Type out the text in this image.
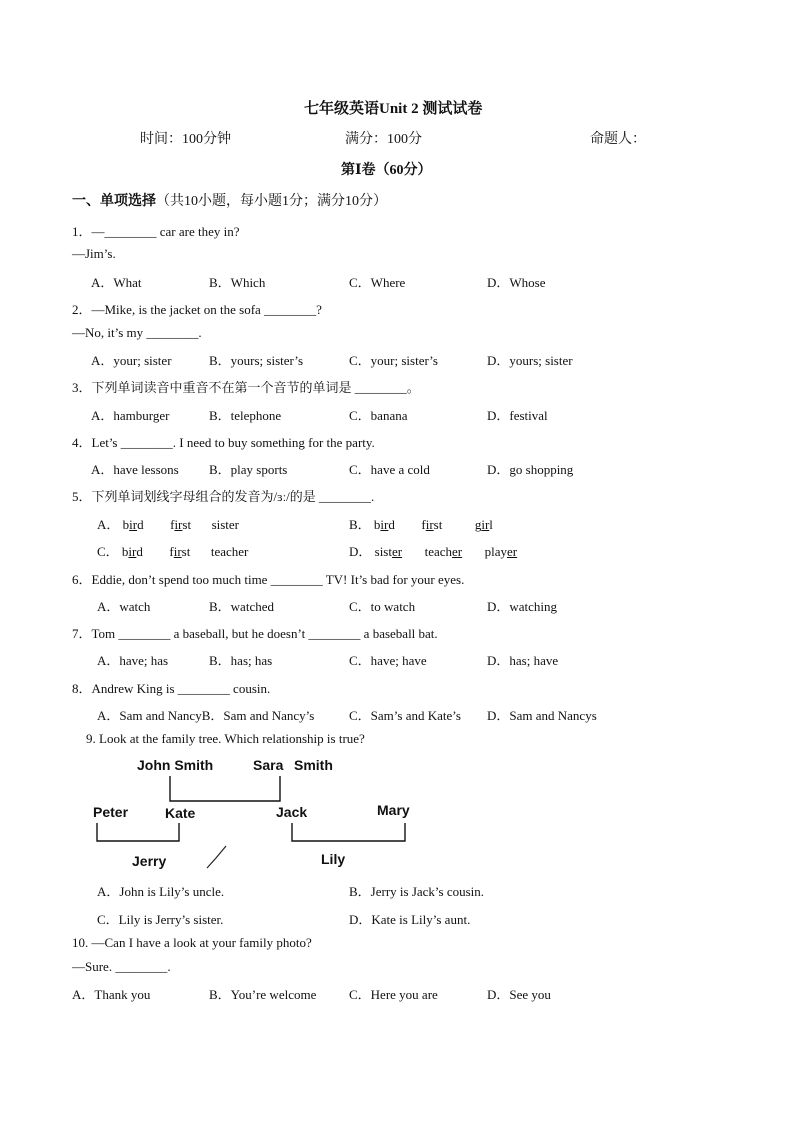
七年级英语Unit 2 测试试卷
时间：100分钟	满分：100分	命题人：
第Ⅰ卷（60分）
一、单项选择（共10小题，每小题1分；满分10分）
1．—________ car are they in?
—Jim’s.
A．What	B．Which	C．Where	D．Whose
2．—Mike, is the jacket on the sofa ________?
—No, it’s my ________.
A．your; sister	B．yours; sister’s	C．your; sister’s	D．yours; sister
3．下列单词读音中重音不在第一个音节的单词是 ________。
A．hamburger	B．telephone	C．banana	D．festival
4．Let’s ________. I need to buy something for the party.
A．have lessons B．play sports	C．have a cold	D．go shopping
5．下列单词划线字母组合的发音为/ɜː/的是 ________.
A． bird first sister	B． bird first	girl
C． bird first teacher	D． sister teacher player
6．Eddie, don’t spend too much time ________ TV! It’s bad for your eyes.
A．watch	B．watched	C．to watch	D．watching
7．Tom ________ a baseball, but he doesn’t ________ a baseball bat.
A．have; has	B．has; has	C．have; have	D．has; have
8．Andrew King is ________ cousin.
A．Sam and NancyB．Sam and Nancy’s	C．Sam’s and Kate’s D．Sam and Nancys
9. Look at the family tree. Which relationship is true?
John Smith	Sara Smith
Peter	Kate	Jack	Mary
Jerry	Lily
A．John is Lily’s uncle.	B．Jerry is Jack’s cousin.
C．Lily is Jerry’s sister.	D．Kate is Lily’s aunt.
10. —Can I have a look at your family photo?
—Sure. ________.
A．Thank you	B．You’re welcome	C．Here you are	D．See you
